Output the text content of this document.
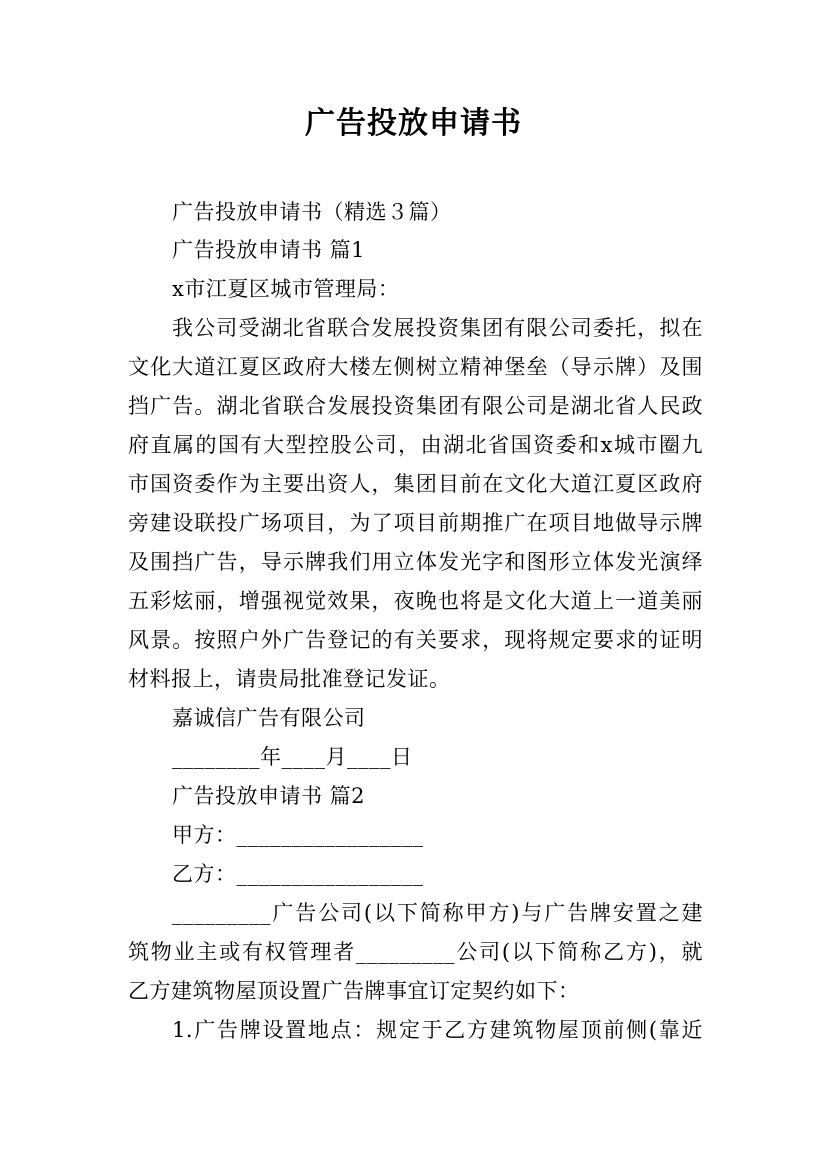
广告投放申请书
广告投放申请书（精选３篇）
广告投放申请书 篇1
x市江夏区城市管理局：
我公司受湖北省联合发展投资集团有限公司委托，拟在
文化大道江夏区政府大楼左侧树立精神堡垒（导示牌）及围
挡广告。湖北省联合发展投资集团有限公司是湖北省人民政
府直属的国有大型控股公司，由湖北省国资委和x城市圈九
市国资委作为主要出资人，集团目前在文化大道江夏区政府
旁建设联投广场项目，为了项目前期推广在项目地做导示牌
及围挡广告，导示牌我们用立体发光字和图形立体发光演绎
五彩炫丽，增强视觉效果，夜晚也将是文化大道上一道美丽
风景。按照户外广告登记的有关要求，现将规定要求的证明
材料报上，请贵局批准登记发证。
嘉诚信广告有限公司
________年____月____日
广告投放申请书 篇2
甲方：_________________
乙方：_________________
_________广告公司(以下简称甲方)与广告牌安置之建
筑物业主或有权管理者_________公司(以下简称乙方)，就
乙方建筑物屋顶设置广告牌事宜订定契约如下：
1.广告牌设置地点：规定于乙方建筑物屋顶前侧(靠近
